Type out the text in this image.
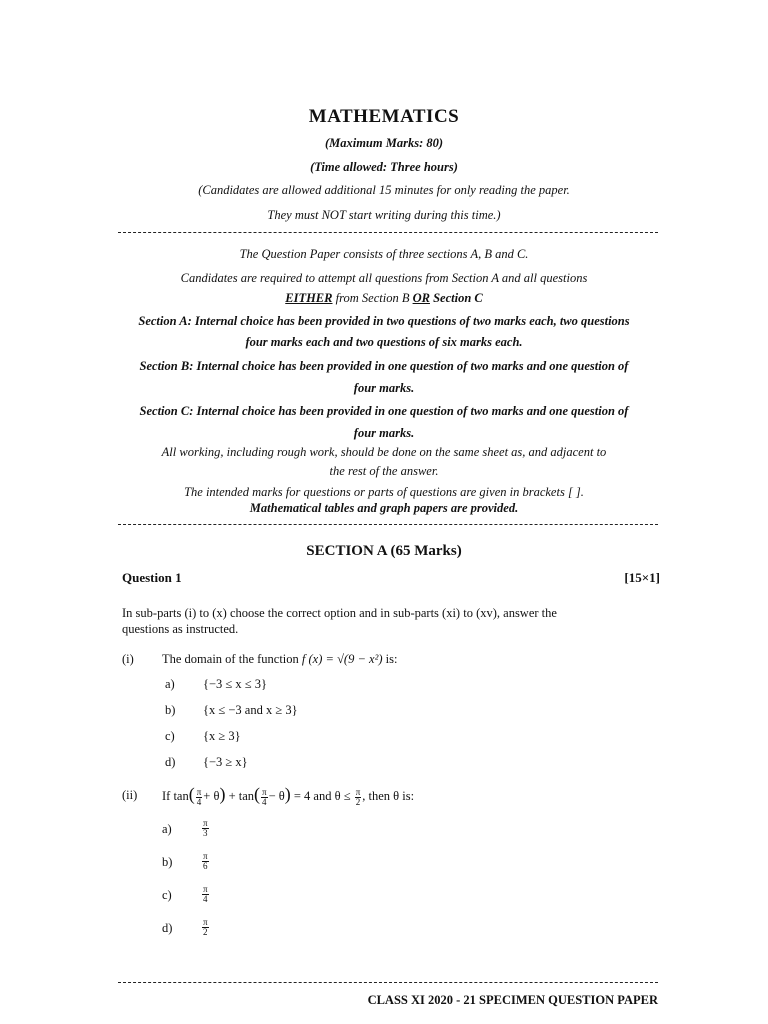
MATHEMATICS
(Maximum Marks: 80)
(Time allowed: Three hours)
(Candidates are allowed additional 15 minutes for only reading the paper.
They must NOT start writing during this time.)
The Question Paper consists of three sections A, B and C.
Candidates are required to attempt all questions from Section A and all questions
EITHER from Section B OR Section C
Section A: Internal choice has been provided in two questions of two marks each, two questions
four marks each and two questions of six marks each.
Section B: Internal choice has been provided in one question of two marks and one question of
four marks.
Section C: Internal choice has been provided in one question of two marks and one question of
four marks.
All working, including rough work, should be done on the same sheet as, and adjacent to
the rest of the answer.
The intended marks for questions or parts of questions are given in brackets [ ].
Mathematical tables and graph papers are provided.
SECTION A (65 Marks)
Question 1	[15×1]
In sub-parts (i) to (x) choose the correct option and in sub-parts (xi) to (xv), answer the
questions as instructed.
(i) The domain of the function f (x) = √(9 − x²) is:
a) {−3 ≤ x ≤ 3}
b) {x ≤ −3 and x ≥ 3}
c) {x ≥ 3}
d) {−3 ≥ x}
(ii) If $\tan( \frac{\pi}{4} + \theta) + \tan( \frac{\pi}{4} - \theta) = 4$ and $\theta \le \frac{\pi}{2}$ , then θ is:
a)	$\frac{\pi}{3}$
b)	$\frac{\pi}{6}$
c)	$\frac{\pi}{4}$
d)	$\frac{\pi}{2}$
CLASS XI 2020 - 21 SPECIMEN QUESTION PAPER
